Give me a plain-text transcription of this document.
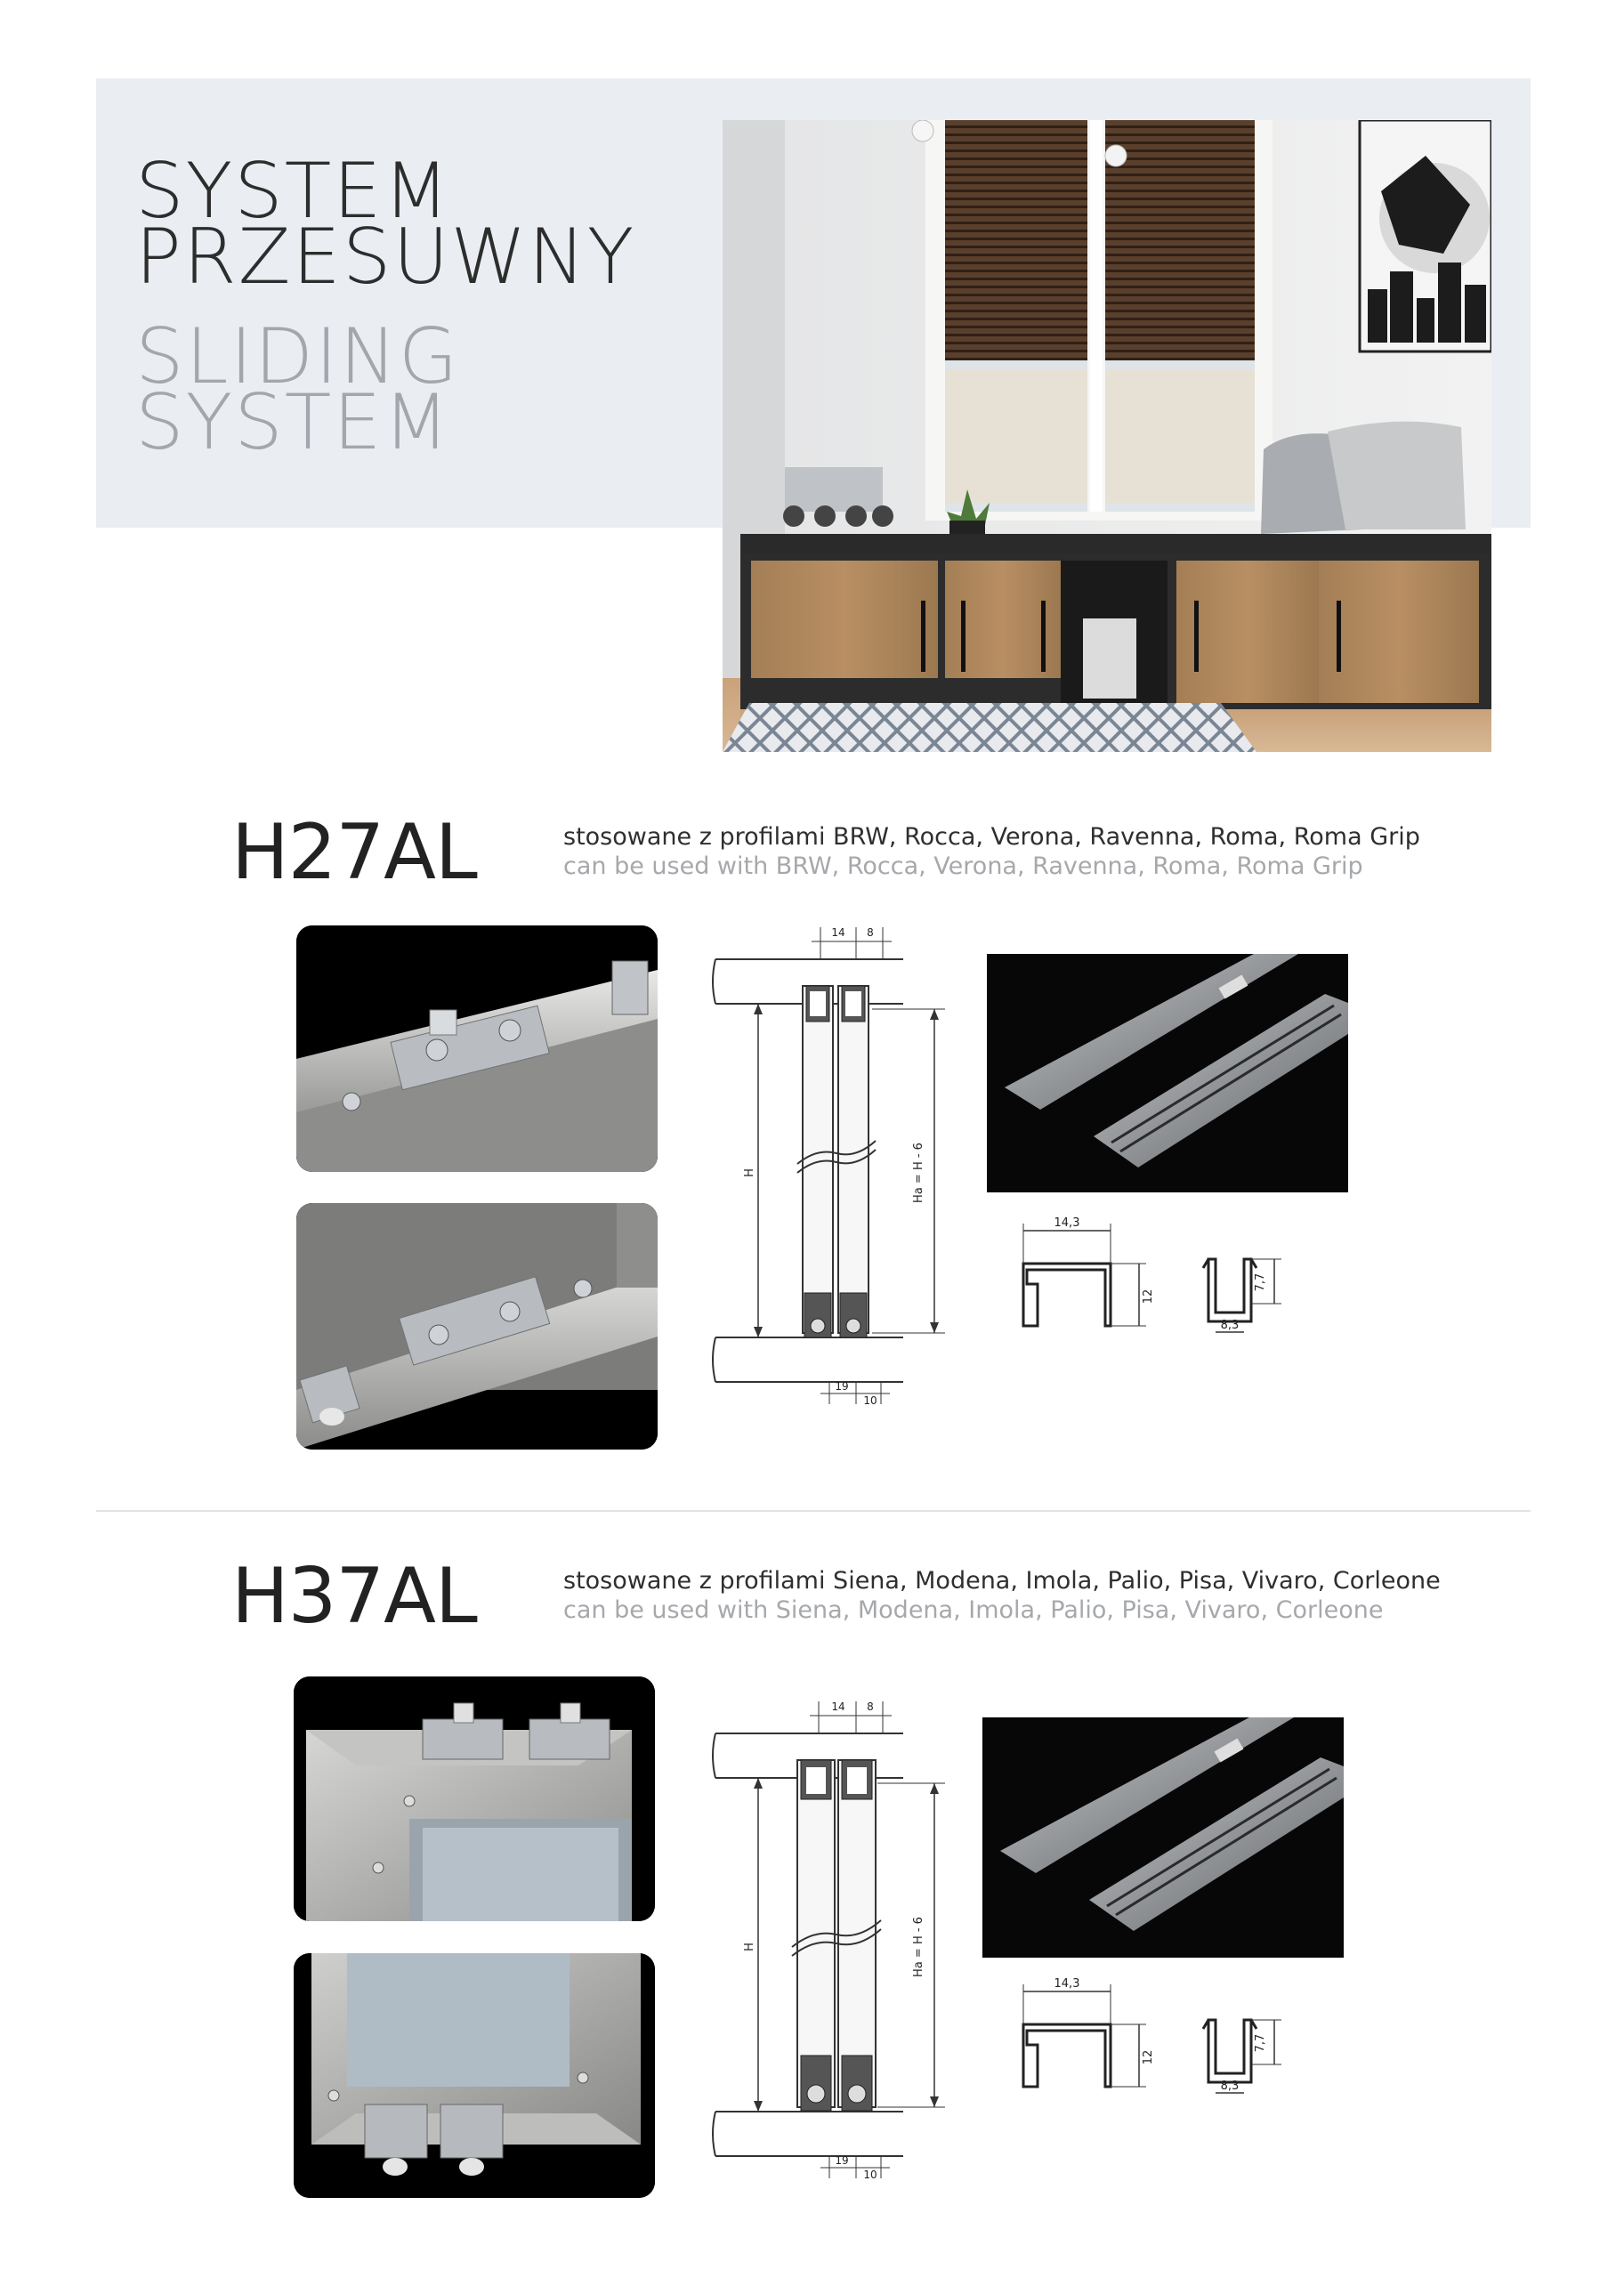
SYSTEM
PRZESUWNY
SLIDING
SYSTEM
H27AL	stosowane z profilami BRW, Rocca, Verona, Ravenna, Roma, Roma Grip
can be used with BRW, Rocca, Verona, Ravenna, Roma, Roma Grip
14 8
H	Ha = H - 6
19
10
14,3
12
8,3
7,7
H37AL	stosowane z profilami Siena, Modena, Imola, Palio, Pisa, Vivaro, Corleone
can be used with Siena, Modena, Imola, Palio, Pisa, Vivaro, Corleone
14 8
H	Ha = H - 6
19
10
14,3
12
8,3
7,7
